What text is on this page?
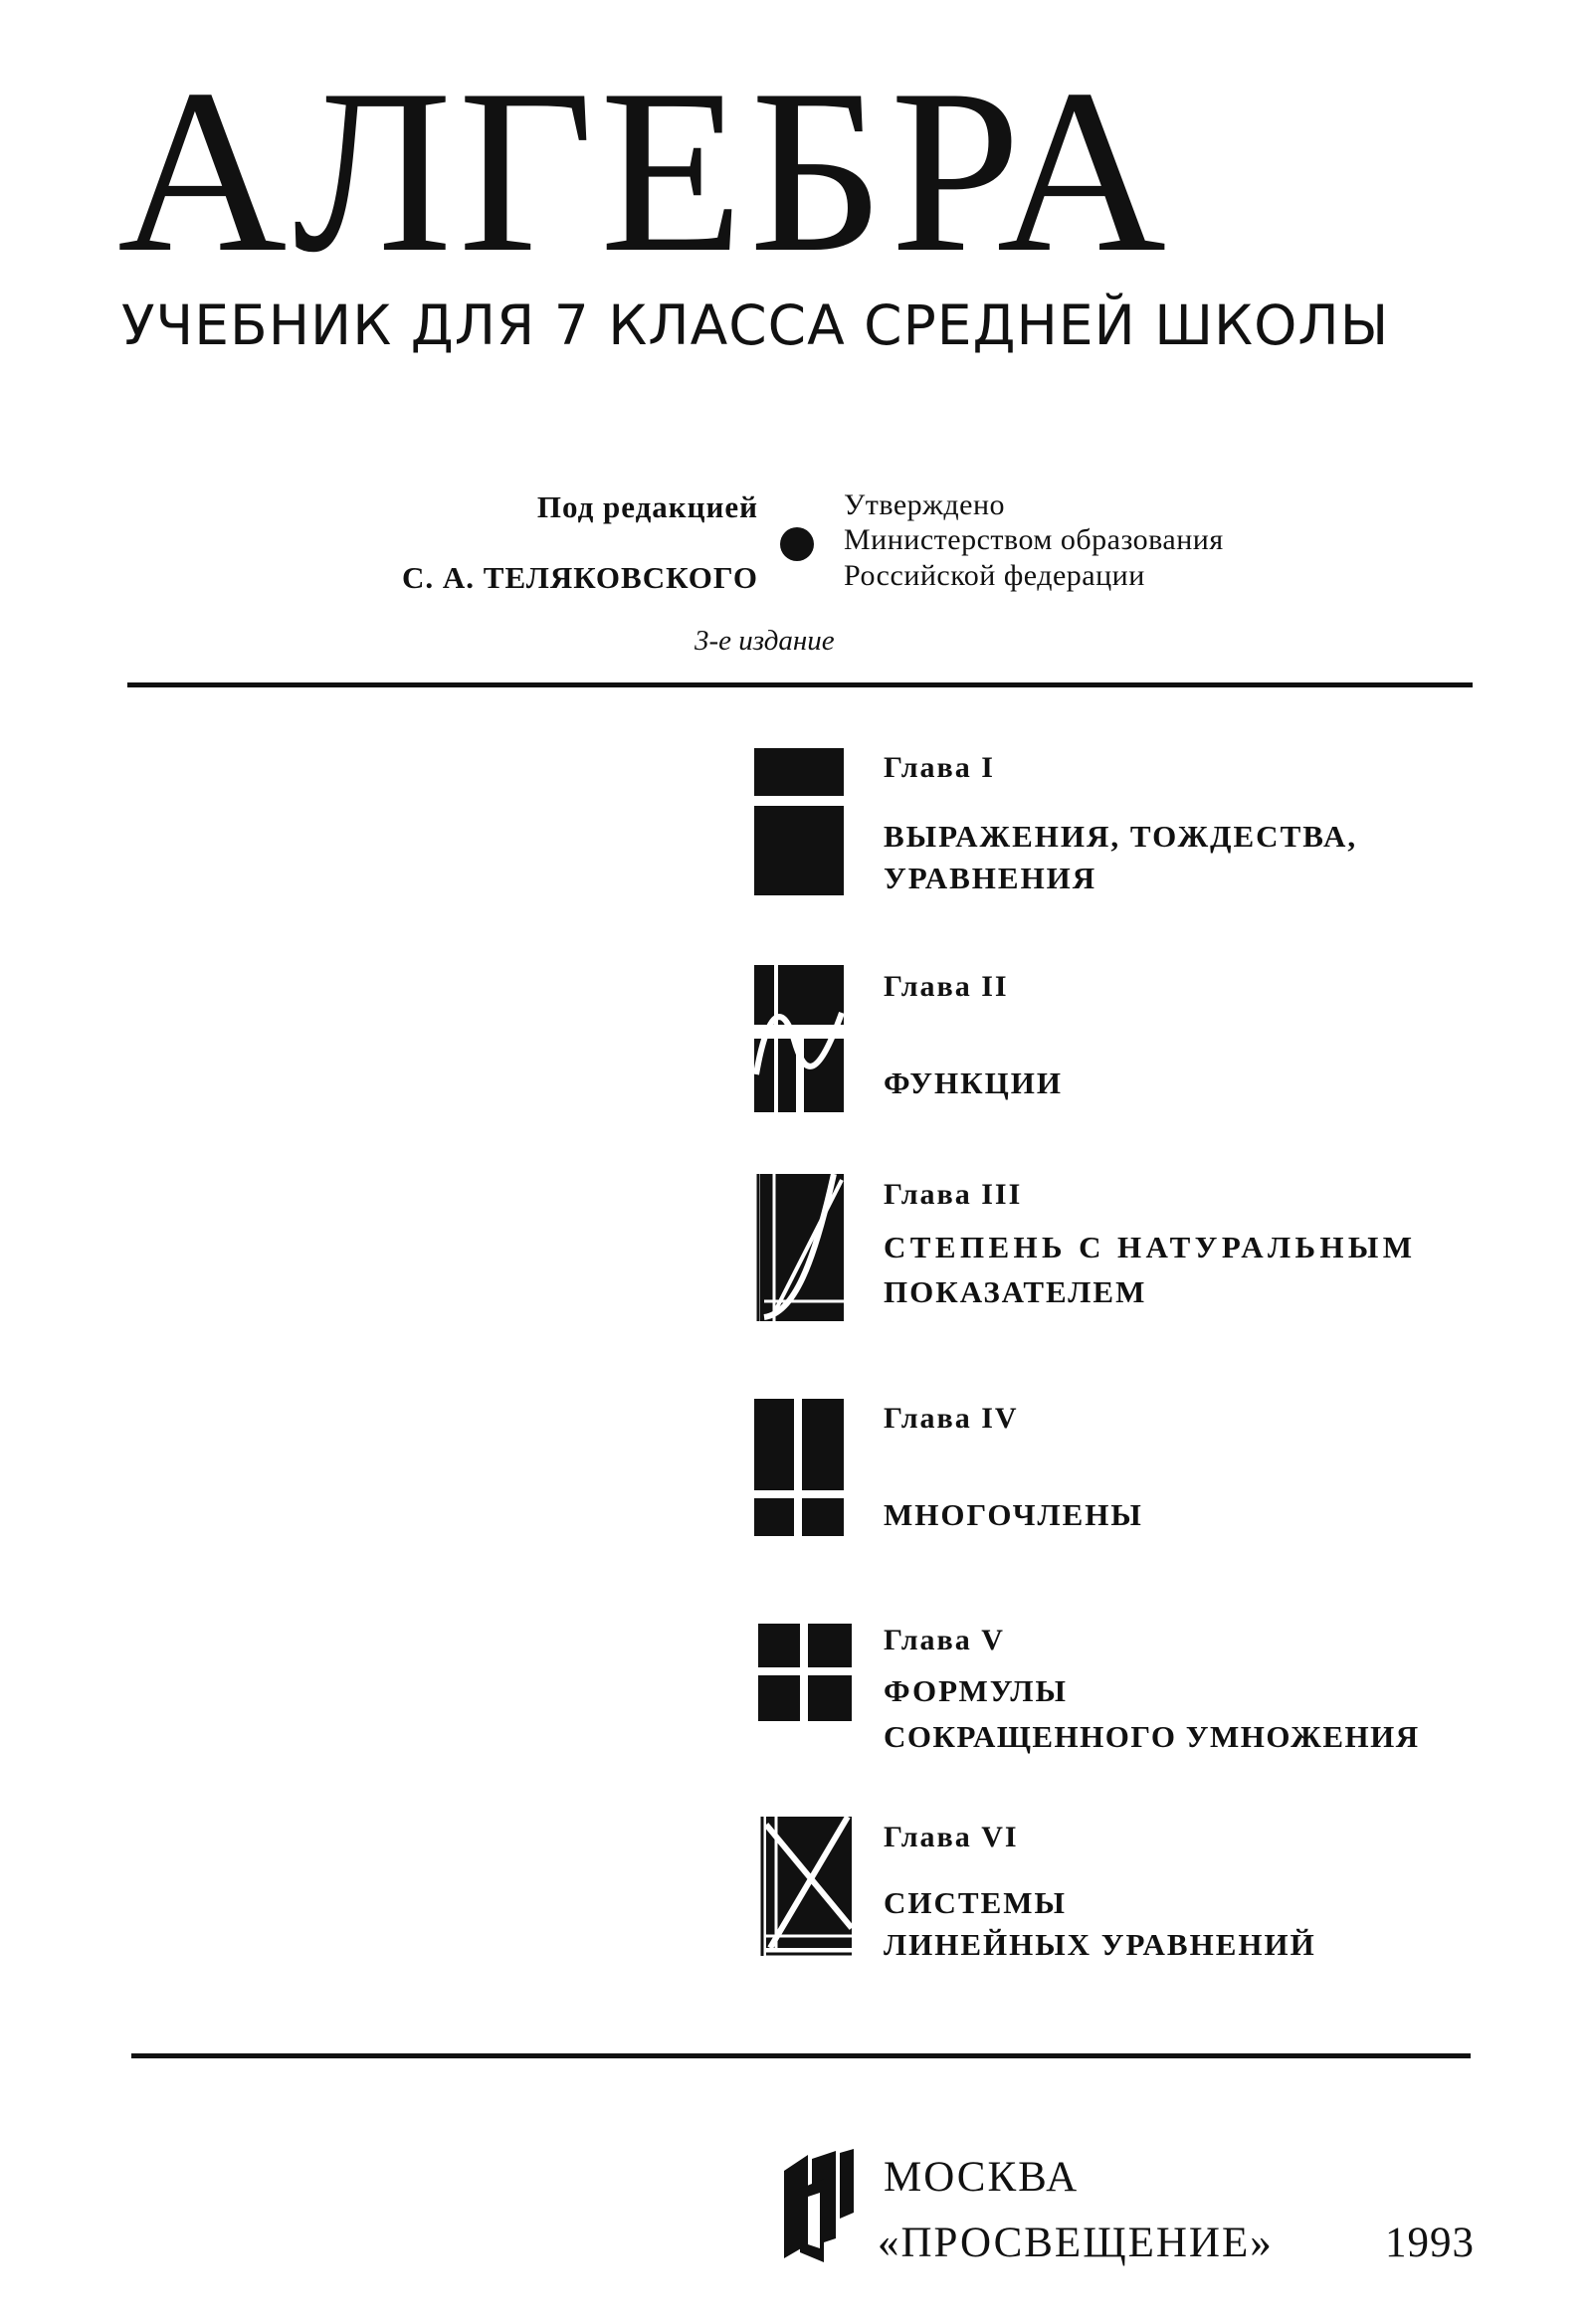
АЛГЕБРА
УЧЕБНИК ДЛЯ 7 КЛАССА СРЕДНЕЙ ШКОЛЫ
Под редакцией
С. А. ТЕЛЯКОВСКОГО
Утверждено
Министерством образования
Российской федерации
3-е издание
Глава I
ВЫРАЖЕНИЯ, ТОЖДЕСТВА,
УРАВНЕНИЯ
Глава II
ФУНКЦИИ
Глава III
СТЕПЕНЬ С НАТУРАЛЬНЫМ
ПОКАЗАТЕЛЕМ
Глава IV
МНОГОЧЛЕНЫ
Глава V
ФОРМУЛЫ
СОКРАЩЕННОГО УМНОЖЕНИЯ
Глава VI
СИСТЕМЫ
ЛИНЕЙНЫХ УРАВНЕНИЙ
МОСКВА
«ПРОСВЕЩЕНИЕ»	1993
